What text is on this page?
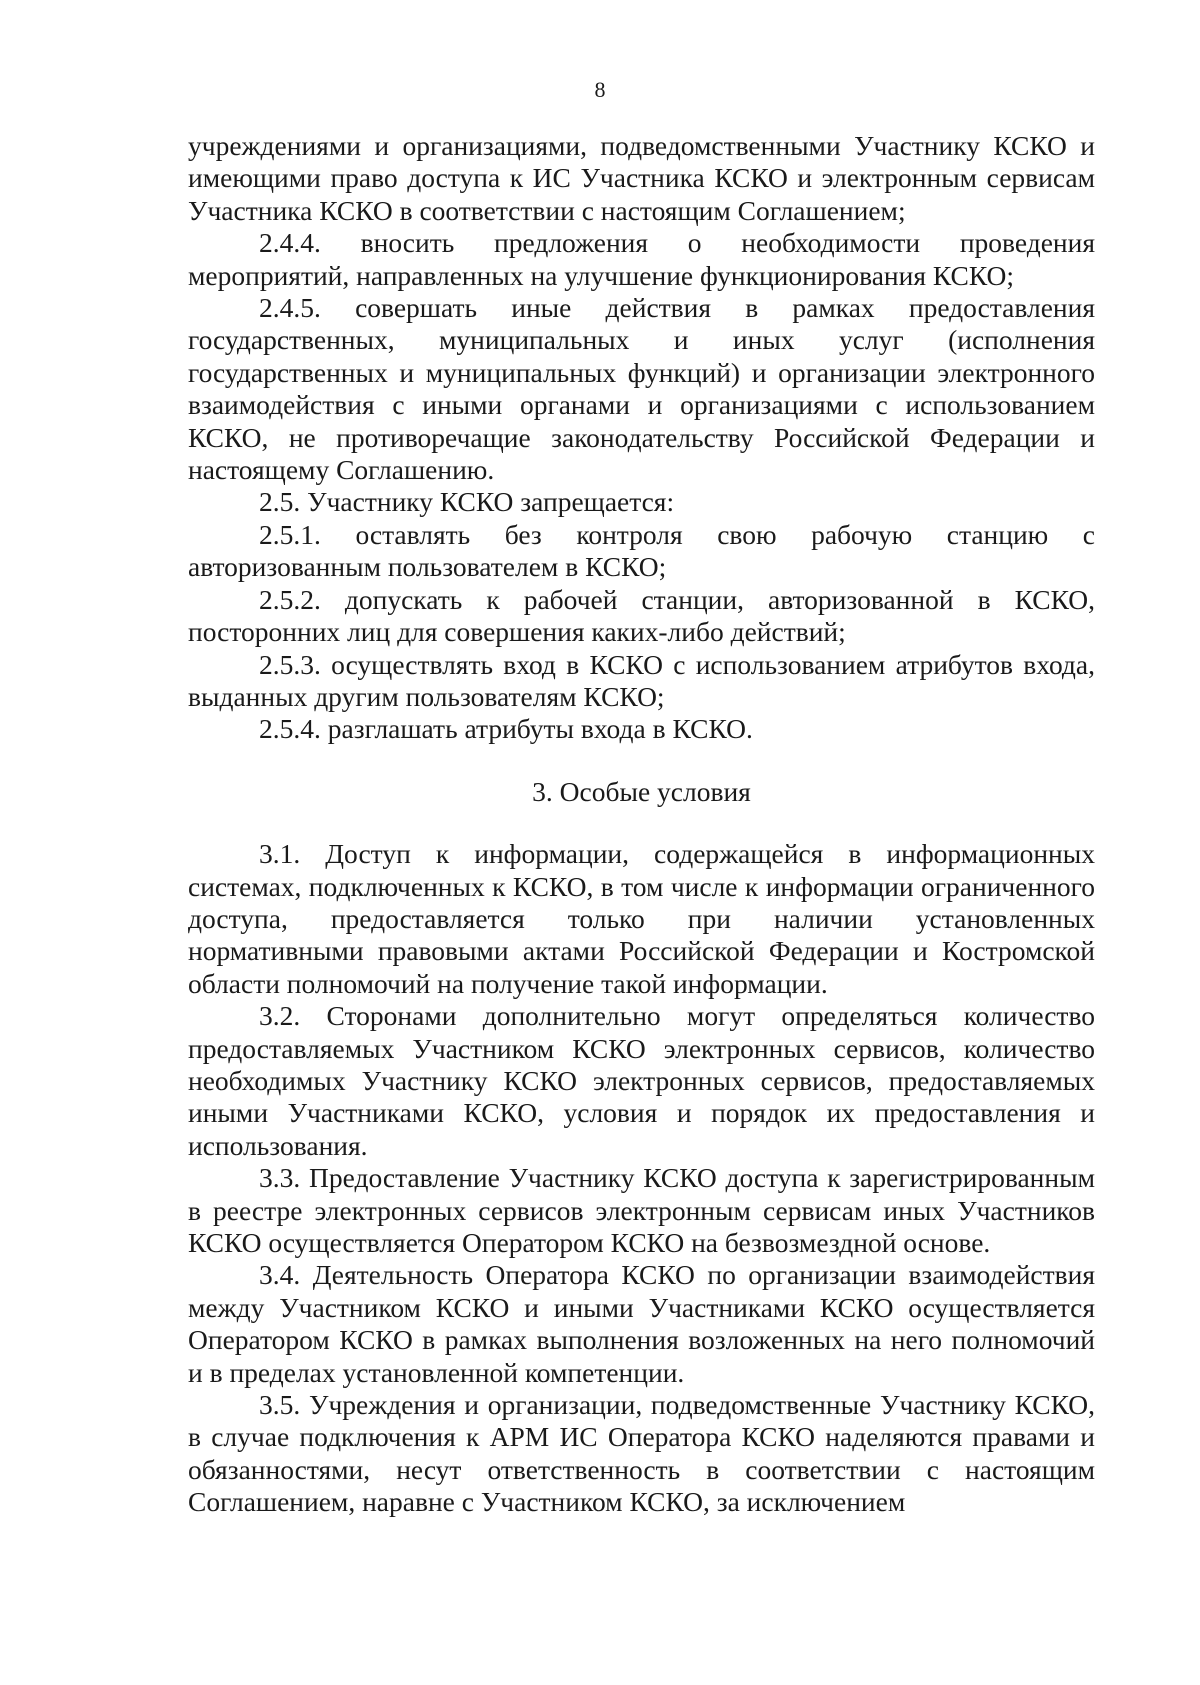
8

учреждениями и организациями, подведомственными Участнику КСКО и имеющими право доступа к ИС Участника КСКО и электронным сервисам Участника КСКО в соответствии с настоящим Соглашением;

2.4.4. вносить предложения о необходимости проведения мероприятий, направленных на улучшение функционирования КСКО;

2.4.5. совершать иные действия в рамках предоставления государственных, муниципальных и иных услуг (исполнения государственных и муниципальных функций) и организации электронного взаимодействия с иными органами и организациями с использованием КСКО, не противоречащие законодательству Российской Федерации и настоящему Соглашению.

2.5. Участнику КСКО запрещается:

2.5.1. оставлять без контроля свою рабочую станцию с авторизованным пользователем в КСКО;

2.5.2. допускать к рабочей станции, авторизованной в КСКО, посторонних лиц для совершения каких-либо действий;

2.5.3. осуществлять вход в КСКО с использованием атрибутов входа, выданных другим пользователям КСКО;

2.5.4. разглашать атрибуты входа в КСКО.

3. Особые условия

3.1. Доступ к информации, содержащейся в информационных системах, подключенных к КСКО, в том числе к информации ограниченного доступа, предоставляется только при наличии установленных нормативными правовыми актами Российской Федерации и Костромской области полномочий на получение такой информации.

3.2. Сторонами дополнительно могут определяться количество предоставляемых Участником КСКО электронных сервисов, количество необходимых Участнику КСКО электронных сервисов, предоставляемых иными Участниками КСКО, условия и порядок их предоставления и использования.

3.3. Предоставление Участнику КСКО доступа к зарегистрированным в реестре электронных сервисов электронным сервисам иных Участников КСКО осуществляется Оператором КСКО на безвозмездной основе.

3.4. Деятельность Оператора КСКО по организации взаимодействия между Участником КСКО и иными Участниками КСКО осуществляется Оператором КСКО в рамках выполнения возложенных на него полномочий и в пределах установленной компетенции.

3.5. Учреждения и организации, подведомственные Участнику КСКО, в случае подключения к АРМ ИС Оператора КСКО наделяются правами и обязанностями, несут ответственность в соответствии с настоящим Соглашением, наравне с Участником КСКО, за исключением
